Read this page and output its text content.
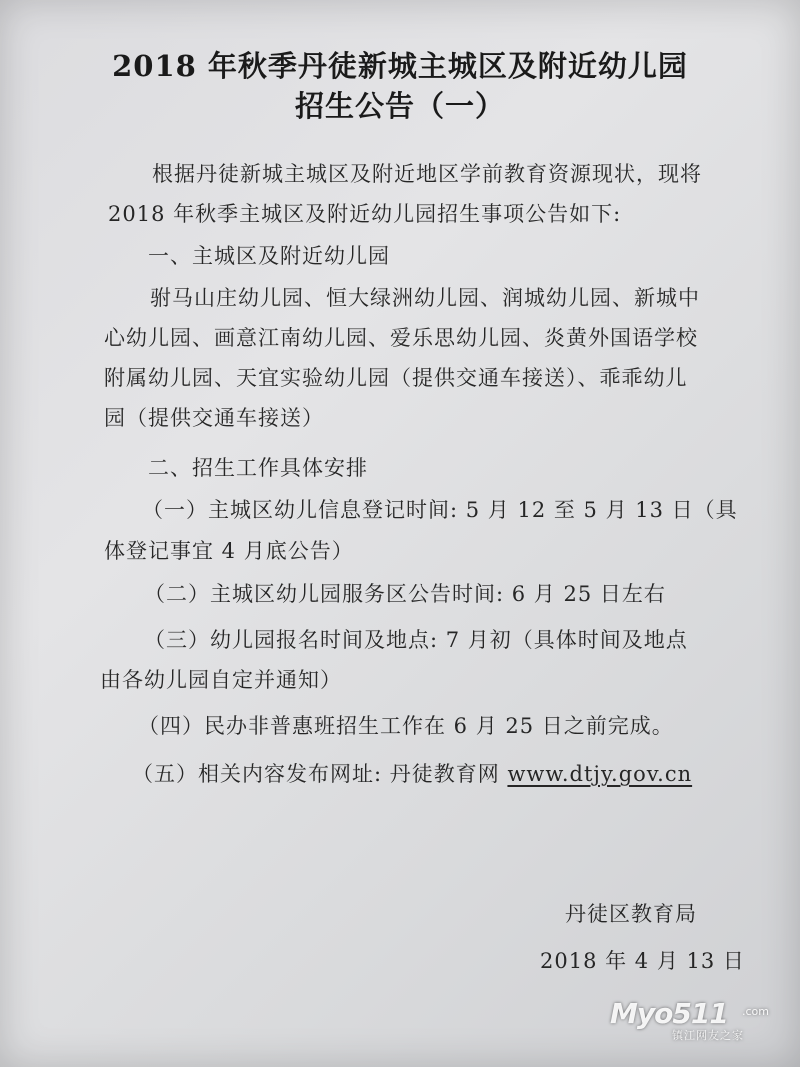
2018 年秋季丹徒新城主城区及附近幼儿园
招生公告（一）
根据丹徒新城主城区及附近地区学前教育资源现状，现将
2018 年秋季主城区及附近幼儿园招生事项公告如下:
一、主城区及附近幼儿园
驸马山庄幼儿园、恒大绿洲幼儿园、润城幼儿园、新城中
心幼儿园、画意江南幼儿园、爱乐思幼儿园、炎黄外国语学校
附属幼儿园、天宜实验幼儿园（提供交通车接送）、乖乖幼儿
园（提供交通车接送）
二、招生工作具体安排
（一）主城区幼儿信息登记时间: 5 月 12 至 5 月 13 日（具
体登记事宜 4 月底公告）
（二）主城区幼儿园服务区公告时间: 6 月 25 日左右
（三）幼儿园报名时间及地点: 7 月初（具体时间及地点
由各幼儿园自定并通知）
（四）民办非普惠班招生工作在 6 月 25 日之前完成。
（五）相关内容发布网址: 丹徒教育网 www.dtjy.gov.cn
丹徒区教育局
2018 年 4 月 13 日
Myo511 .com
镇江网友之家
